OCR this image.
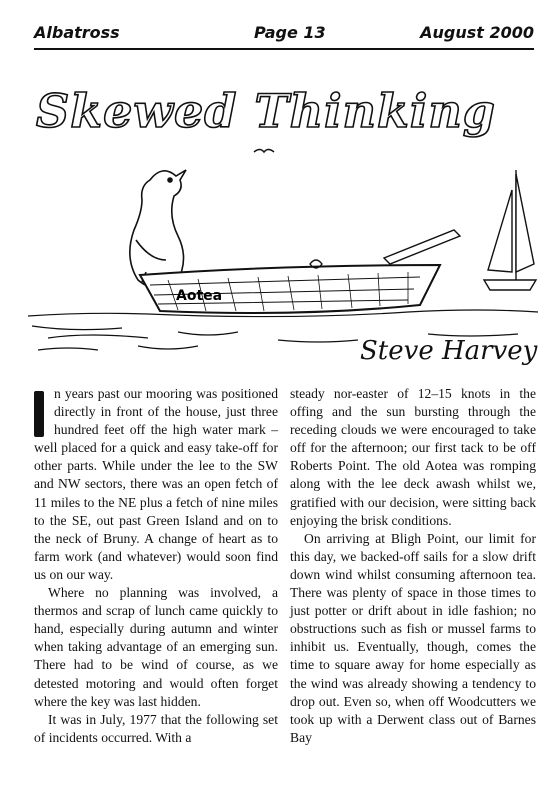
Albatross	Page 13	August 2000
Skewed Thinking
Aotea
Steve Harvey

n years past our mooring was positioned directly in front of the house, just three hundred feet off the high water mark – well placed for a quick and easy take-off for other parts. While under the lee to the SW and NW sectors, there was an open fetch of 11 miles to the NE plus a fetch of nine miles to the SE, out past Green Island and on to the neck of Bruny. A change of heart as to farm work (and whatever) would soon find us on our way.

Where no planning was involved, a thermos and scrap of lunch came quickly to hand, especially during autumn and winter when taking advantage of an emerging sun. There had to be wind of course, as we detested motoring and would often forget where the key was last hidden.

It was in July, 1977 that the following set of incidents occurred. With a

steady nor-easter of 12–15 knots in the offing and the sun bursting through the receding clouds we were encouraged to take off for the afternoon; our first tack to be off Roberts Point. The old Aotea was romping along with the lee deck awash whilst we, gratified with our decision, were sitting back enjoying the brisk conditions.

On arriving at Bligh Point, our limit for this day, we backed-off sails for a slow drift down wind whilst consuming afternoon tea. There was plenty of space in those times to just potter or drift about in idle fashion; no obstructions such as fish or mussel farms to inhibit us. Eventually, though, comes the time to square away for home especially as the wind was already showing a tendency to drop out. Even so, when off Woodcutters we took up with a Derwent class out of Barnes Bay
